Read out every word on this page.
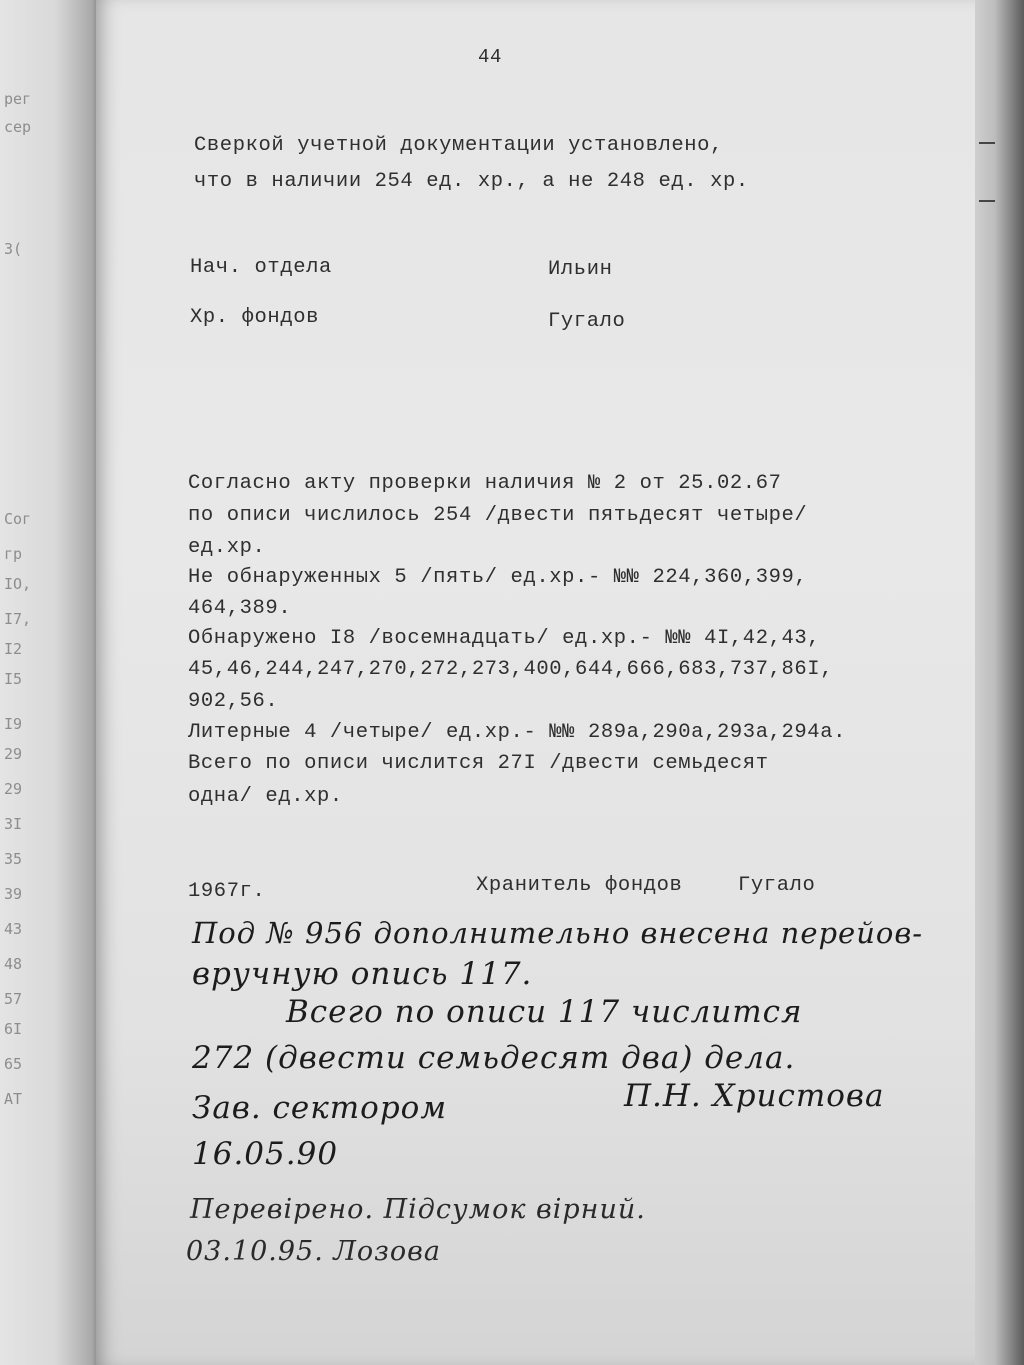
рег
сер
3(
Сог
гр
IO,
I7,
I2
I5
I9
29
29
3I
35
39
43
48
57
6I
65
AT
44
Сверкой учетной документации установлено,
что в наличии 254 ед. хр., а не 248 ед. хр.
Нач. отдела	Ильин
Хр. фондов	Гугало
Согласно акту проверки наличия № 2 от 25.02.67
по описи числилось 254 /двести пятьдесят четыре/
ед.хр.
Не обнаруженных 5 /пять/ ед.хр.- №№ 224,360,399,
464,389.
Обнаружено I8 /восемнадцать/ ед.хр.- №№ 4I,42,43,
45,46,244,247,270,272,273,400,644,666,683,737,86I,
902,56.
Литерные 4 /четыре/ ед.хр.- №№ 289а,290а,293а,294а.
Всего по описи числится 27I /двести семьдесят
одна/ ед.хр.
1967г.	Хранитель фондов	Гугало
Под № 956 дополнительно внесена перейов-
вручную опись 117.
Всего по описи 117 числится
272 (двести семьдесят два) дела.
Зав. сектором	П.Н. Христова
16.05.90
Перевірено. Підсумок вірний.
03.10.95. Лозова
